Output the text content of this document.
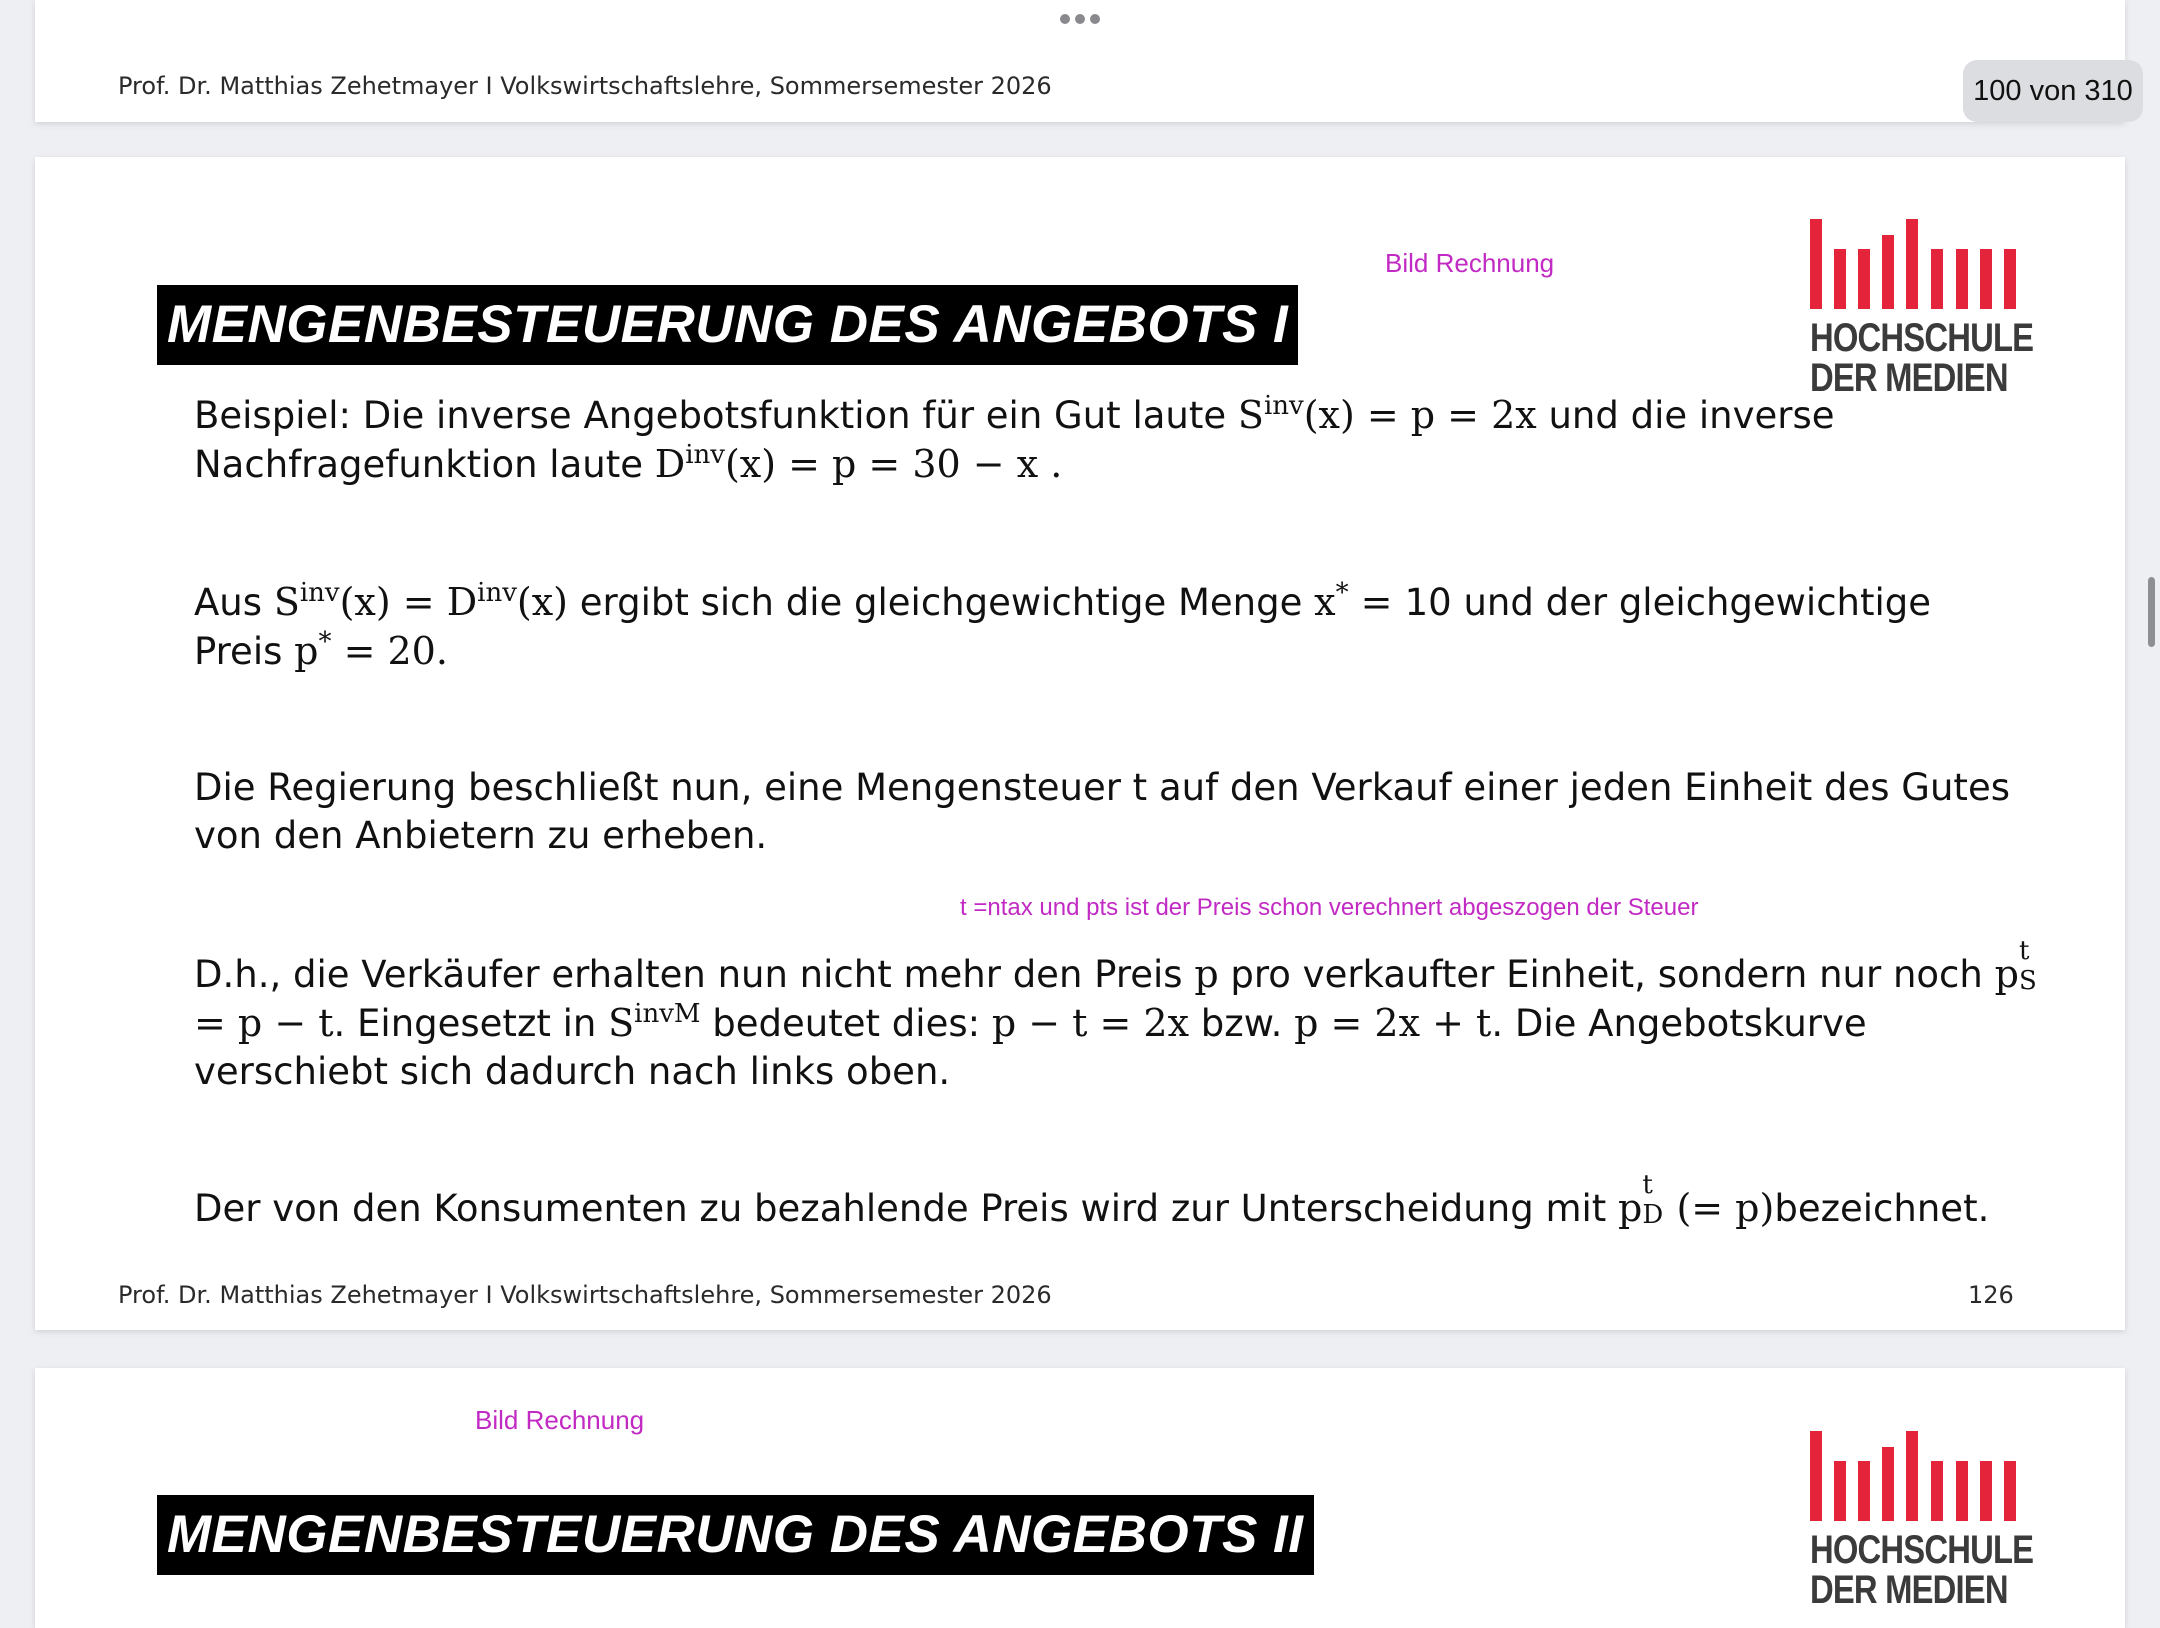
Prof. Dr. Matthias Zehetmayer I Volkswirtschaftslehre, Sommersemester 2026	100 von 310
Bild Rechnung
HOCHSCHULE
DER MEDIEN
MENGENBESTEUERUNG DES ANGEBOTS I
Beispiel: Die inverse Angebotsfunktion für ein Gut laute $S^{inv}(x) = p = 2x$ und die inverse
Nachfragefunktion laute $D^{inv}(x) = p = 30 - x$ .
Aus $S^{inv}(x) = D^{inv}(x)$ ergibt sich die gleichgewichtige Menge x* = 10 und der gleichgewichtige
Preis p* = 20.
Die Regierung beschließt nun, eine Mengensteuer t auf den Verkauf einer jeden Einheit des Gutes
von den Anbietern zu erheben.
t =ntax und pts ist der Preis schon verechnert abgeszogen der Steuer
D.h., die Verkäufer erhalten nun nicht mehr den Preis p pro verkaufter Einheit, sondern nur noch p
t
S
= p − t. Eingesetzt in $S^{invM}$ bedeutet dies: p − t = 2x bzw. p = 2x + t. Die Angebotskurve
verschiebt sich dadurch nach links oben.
Der von den Konsumenten zu bezahlende Preis wird zur Unterscheidung mit p
t
D (= p)bezeichnet.
Prof. Dr. Matthias Zehetmayer I Volkswirtschaftslehre, Sommersemester 2026	126
Bild Rechnung
HOCHSCHULE
DER MEDIEN
MENGENBESTEUERUNG DES ANGEBOTS II
